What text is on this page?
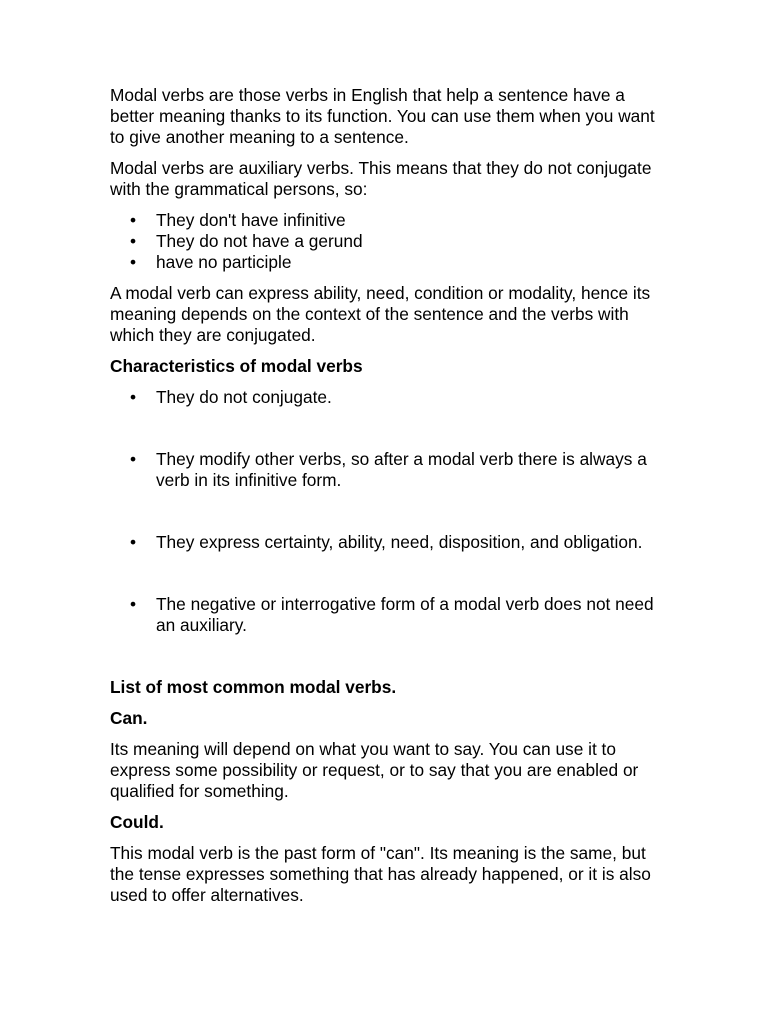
Modal verbs are those verbs in English that help a sentence have a better meaning thanks to its function. You can use them when you want to give another meaning to a sentence.

Modal verbs are auxiliary verbs. This means that they do not conjugate with the grammatical persons, so:

• They don't have infinitive
• They do not have a gerund
• have no participle

A modal verb can express ability, need, condition or modality, hence its meaning depends on the context of the sentence and the verbs with which they are conjugated.

Characteristics of modal verbs
• They do not conjugate.
• They modify other verbs, so after a modal verb there is always a verb in its infinitive form.
• They express certainty, ability, need, disposition, and obligation.
• The negative or interrogative form of a modal verb does not need an auxiliary.
List of most common modal verbs.
Can.

Its meaning will depend on what you want to say. You can use it to express some possibility or request, or to say that you are enabled or qualified for something.

Could.

This modal verb is the past form of "can". Its meaning is the same, but the tense expresses something that has already happened, or it is also used to offer alternatives.
